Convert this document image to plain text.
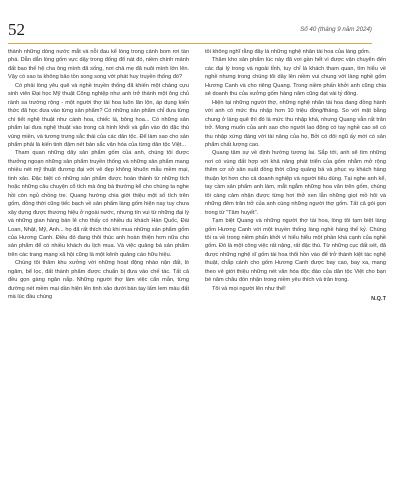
52	Số 40 (tháng 9 năm 2024)

thành những dòng nước mắt và nỗi đau kể lòng trong cảnh bom rơi tàn phá. Dẫn dắn lòng gốm vực dậy trong đống đổ nát đó, niềm chính mảnh đất bao thế hệ cha ông mình đã sống, nơi chả mẹ đã nuôi mình lớn lên. Vậy có sao ta không bảo tồn song song với phát huy truyền thống đó?

Có phải lòng yêu quê và nghề truyền thống đã khiến một chàng cựu sinh viên Đại học Mỹ thuật Công nghiệp như anh trở thành một ông chủ rành sa trường rộng - một người thợ tài hoa luôn lăn lộn, áp dụng kiến thức đã học đưa vào từng sản phẩm? Có những sản phẩm chỉ đưa từng chi tiết nghệ thuật như cánh hoa, chiếc lá, bông hoa... Có những sản phẩm lại đưa nghệ thuật vào trong cả hình khối và gắn vào đó đặc thù vùng miền, và tương trưng sắc thái của các dân tộc. Để làm sao cho sản phẩm phải là kiến tinh đậm nét bản sắc văn hóa của từng dân tộc Việt...

Tham quan những dãy sản phẩm gốm của anh, chúng tôi được thưởng ngoạn những sản phẩm truyền thống và những sản phẩm mang nhiều nét mỹ thuật đương đại với vẻ đẹp không khuôn mẫu mềm mại, tinh xảo. Đặc biệt có những sản phẩm được hoàn thành từ những tích hoặc những câu chuyện cổ tích mà ông bà thường kể cho chúng ta nghe hồi còn ngủ chồng tre. Quang hướng chia giới thiệu một số tích trên gốm, đồng thời cũng tiếc bạch về sản phẩm làng gốm hiện nay tuy chưa xây dựng được thương hiệu ở ngoài nước, nhưng tín vui từ những đại lý và những gian hàng bán lẻ cho thấy có nhiều du khách Hàn Quốc, Đài Loan, Nhật, Mỹ, Anh... họ đã rất thích thú khi mua những sản phẩm gốm của Hương Canh. Điều đó đang thôi thúc anh hoàn thiện hơn nữa cho sản phẩm để có nhiều khách du lịch mua. Và việc quảng bá sản phẩm trên các trang mạng xã hội cũng là một kênh quảng cáo hữu hiệu.

Chúng tôi thâm khu xưởng với những hoạt động nhào nặn đất, lò ngâm, bể lọc, đất thành phẩm được chuẩn bị đưa vào chế tác. Tất cả đều gọn gàng ngăn nắp. Những người thợ làm việc cẩn mẫn, từng đường nét mềm mại dần hiện lên tinh xảo dưới bàn tay lấm lem màu đất mà lúc đầu chúng

tôi không nghĩ rằng đây là những nghệ nhân tài hoa của làng gốm.

Thăm kho sản phẩm lúc này đã vơi gần hết vì được vận chuyển đến các đại lý trong và ngoài tỉnh, tuy chỉ là khách tham quan, tìm hiểu về nghề nhưng trong chúng tôi dây lên niềm vui chung với làng nghề gốm Hương Canh và cho riêng Quang. Trong niềm phấn khởi anh cũng chia sẻ doanh thu của xưởng gốm hàng năm cũng đạt vài tỷ đồng.

Hiện tại những người thợ, những nghệ nhân tài hoa đang đồng hành với anh có mức thu nhập hơn 10 triệu đồng/tháng. So với mặt bằng chung ở làng quê thì đó là mức thu nhập khá, nhưng Quang vẫn rất trăn trở. Mong muốn của anh sao cho người lao động có tay nghề cao sẽ có thu nhập xứng đáng với tài năng của họ, Bởi có đôi ngũ ấy mới có sản phẩm chất lượng cao.

Quang tâm sự về định hướng tương lai. Sắp tới, anh sẽ tìm những nơi có vùng đất hợp với khả năng phát triển của gốm nhằm mở rộng thêm cơ sở sản xuất đồng thời cũng quảng bá và phục vụ khách hàng thuận lợi hơn cho cả doanh nghiệp và người tiêu dùng. Tại nghe anh kể, tay cầm sản phẩm anh làm, mắt ngắm những hoa văn trên gốm, chúng tôi càng cảm nhận được từng hơi thở xen lẫn những giọt mồ hôi và những đêm trăn trở của anh cùng những người thợ gốm. Tất cả gói gọn trong từ "Tâm huyết".

Tạm biệt Quang và những người thợ tài hoa, lòng tôi tạm biệt làng gốm Hương Canh với một truyền thống làng nghề hàng thế kỷ. Chúng tôi ra về trong niềm phấn khởi vì hiểu hiểu một phần khá cạnh của nghề gốm. Đó là một công việc rất nặng, rất đặc thù. Từ những cục đất sét, đã được những nghệ sĩ gốm tài hoa thổi hồn vào để trở thành kiệt tác nghệ thuật, chắp cánh cho gốm Hương Canh được bay cao, bay xa, mang theo vẻ giới thiệu những nét văn hóa độc đáo của dân tộc Việt cho bạn bè năm châu đón nhận trong niềm yêu thích và trân trọng.

Tôi và mọi người lên như thế!

N.Q.T
